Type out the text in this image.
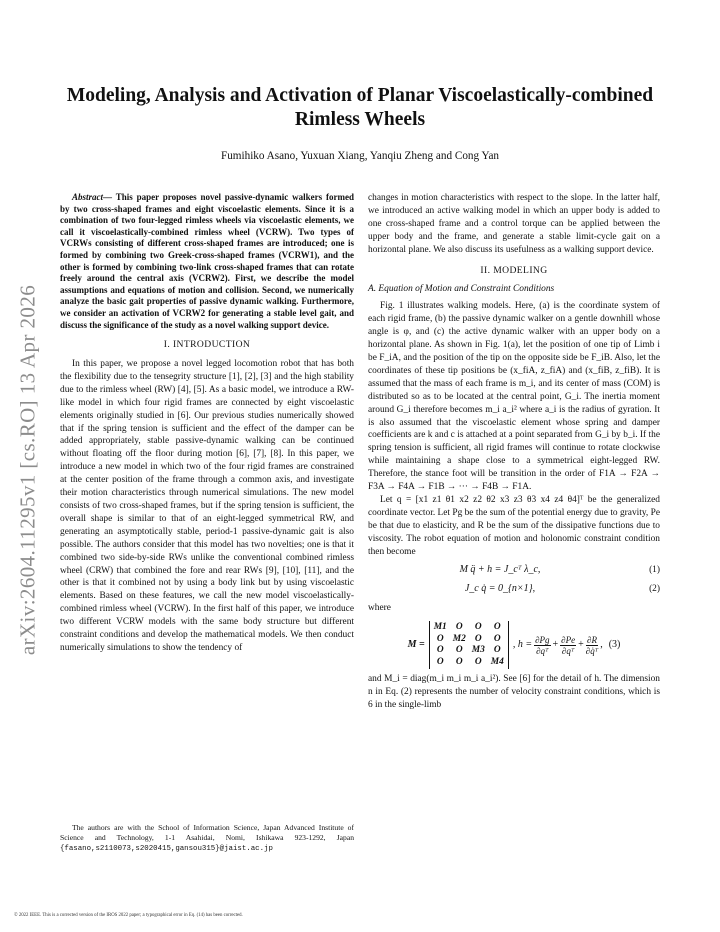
Modeling, Analysis and Activation of Planar Viscoelastically-combined Rimless Wheels
Fumihiko Asano, Yuxuan Xiang, Yanqiu Zheng and Cong Yan
arXiv:2604.11295v1 [cs.RO] 13 Apr 2026

Abstract— This paper proposes novel passive-dynamic walkers formed by two cross-shaped frames and eight viscoelastic elements. Since it is a combination of two four-legged rimless wheels via viscoelastic elements, we call it viscoelastically-combined rimless wheel (VCRW). Two types of VCRWs consisting of different cross-shaped frames are introduced; one is formed by combining two Greek-cross-shaped frames (VCRW1), and the other is formed by combining two-link cross-shaped frames that can rotate freely around the central axis (VCRW2). First, we describe the model assumptions and equations of motion and collision. Second, we numerically analyze the basic gait properties of passive dynamic walking. Furthermore, we consider an activation of VCRW2 for generating a stable level gait, and discuss the significance of the study as a novel walking support device.

I. INTRODUCTION

In this paper, we propose a novel legged locomotion robot that has both the flexibility due to the tensegrity structure [1], [2], [3] and the high stability due to the rimless wheel (RW) [4], [5]. As a basic model, we introduce a RW-like model in which four rigid frames are connected by eight viscoelastic elements originally studied in [6]. Our previous studies numerically showed that if the spring tension is sufficient and the effect of the damper can be added appropriately, stable passive-dynamic walking can be continued without floating off the floor during motion [6], [7], [8]. In this paper, we introduce a new model in which two of the four rigid frames are constrained at the center position of the frame through a common axis, and investigate their motion characteristics through numerical simulations. The new model consists of two cross-shaped frames, but if the spring tension is sufficient, the overall shape is similar to that of an eight-legged symmetrical RW, and generating an asymptotically stable, period-1 passive-dynamic gait is also possible. The authors consider that this model has two novelties; one is that it combined two side-by-side RWs unlike the conventional combined rimless wheel (CRW) that combined the fore and rear RWs [9], [10], [11], and the other is that it combined not by using a body link but by using viscoelastic elements. Based on these features, we call the new model viscoelastically-combined rimless wheel (VCRW). In the first half of this paper, we introduce two different VCRW models with the same body structure but different constraint conditions and develop the mathematical models. We then conduct numerically simulations to show the tendency of

The authors are with the School of Information Science, Japan Advanced Institute of Science and Technology, 1-1 Asahidai, Nomi, Ishikawa 923-1292, Japan {fasano,s2110073,s2020415,gansou315}@jaist.ac.jp

changes in motion characteristics with respect to the slope. In the latter half, we introduced an active walking model in which an upper body is added to one cross-shaped frame and a control torque can be applied between the upper body and the frame, and generate a stable limit-cycle gait on a horizontal plane. We also discuss its usefulness as a walking support device.

II. MODELING
A. Equation of Motion and Constraint Conditions

Fig. 1 illustrates walking models. Here, (a) is the coordinate system of each rigid frame, (b) the passive dynamic walker on a gentle downhill whose angle is φ, and (c) the active dynamic walker with an upper body on a horizontal plane. As shown in Fig. 1(a), let the position of one tip of Limb i be F_iA, and the position of the tip on the opposite side be F_iB. Also, let the coordinates of these tip positions be (x_fiA, z_fiA) and (x_fiB, z_fiB). It is assumed that the mass of each frame is m_i, and its center of mass (COM) is distributed so as to be located at the central point, G_i. The inertia moment around G_i therefore becomes m_i a_i² where a_i is the radius of gyration. It is also assumed that the viscoelastic element whose spring and damper coefficients are k and c is attached at a point separated from G_i by b_i. If the spring tension is sufficient, all rigid frames will continue to rotate clockwise while maintaining a shape close to a symmetrical eight-legged RW. Therefore, the stance foot will be transition in the order of F1A → F2A → F3A → F4A → F1B → ··· → F4B → F1A.

Let q = [x1 z1 θ1 x2 z2 θ2 x3 z3 θ3 x4 z4 θ4]ᵀ be the generalized coordinate vector. Let Pg be the sum of the potential energy due to gravity, Pe be that due to elasticity, and R be the sum of the dissipative functions due to viscosity. The robot equation of motion and holonomic constraint condition then become

M q̈ + h = J_cᵀ λ_c,	(1)
J_c q̇ = 0_{n×1},	(2)

where

M =
M1 O	O	O
O M2 O	O
O	O M3 O
O	O	O M4
, $h = \frac{\partial Pg}{\text{∂qᵀ}} + \frac{\partial Pe}{\text{∂qᵀ}} + \frac{\partial R}{\text{∂q̇ᵀ}}$ , (3)

and M_i = diag(m_i m_i m_i a_i²). See [6] for the detail of h. The dimension n in Eq. (2) represents the number of velocity constraint conditions, which is 6 in the single-limb

© 2022 IEEE. This is a corrected version of the IROS 2022 paper; a typographical error in Eq. (14) has been corrected.
